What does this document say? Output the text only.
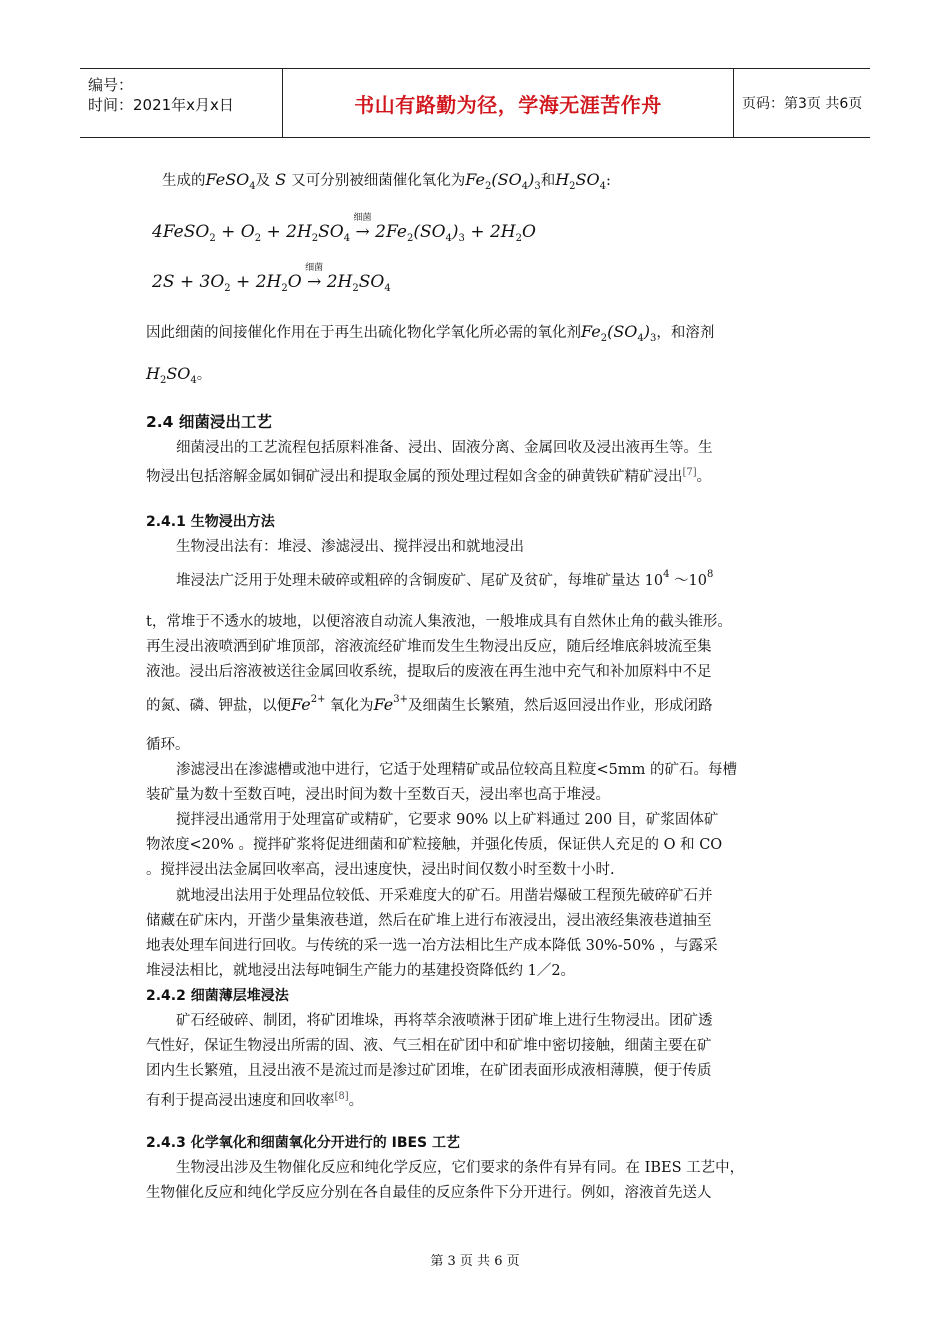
编号：
时间：2021年x月x日	书山有路勤为径，学海无涯苦作舟	页码：第3页 共6页
生成的FeSO$_4$及 S 又可分别被细菌催化氧化为$Fe_2(SO_4)_3$和$H_2SO_4$:
4FeSO$_2$ + $O_2 + 2H_2SO_4$ →
细菌
$2Fe_2(SO_4)_3 + 2H_2O$
$2S + 3O_2 + 2H_2O$ →
细菌
$2H_2SO_4$
因此细菌的间接催化作用在于再生出硫化物化学氧化所必需的氧化剂$Fe_2(SO_4)_3$，和溶剂
$H_2SO_4$。
2.4 细菌浸出工艺
细菌浸出的工艺流程包括原料准备、浸出、固液分离、金属回收及浸出液再生等。生
物浸出包括溶解金属如铜矿浸出和提取金属的预处理过程如含金的砷黄铁矿精矿浸出[7]。
2.4.1 生物浸出方法
生物浸出法有：堆浸、渗滤浸出、搅拌浸出和就地浸出
堆浸法广泛用于处理未破碎或粗碎的含铜废矿、尾矿及贫矿，每堆矿量达 $10^4$ $\sim 10^8$
t，常堆于不透水的坡地，以便溶液自动流人集液池，一般堆成具有自然休止角的截头锥形。
再生浸出液喷洒到矿堆顶部，溶液流经矿堆而发生生物浸出反应，随后经堆底斜坡流至集
液池。浸出后溶液被送往金属回收系统，提取后的废液在再生池中充气和补加原料中不足
的氮、磷、钾盐，以便$Fe^{2+}$ 氧化为$Fe^{3+}$及细菌生长繁殖，然后返回浸出作业，形成闭路
循环。
渗滤浸出在渗滤槽或池中进行，它适于处理精矿或品位较高且粒度<5mm 的矿石。每槽
装矿量为数十至数百吨，浸出时间为数十至数百天，浸出率也高于堆浸。
搅拌浸出通常用于处理富矿或精矿，它要求 90% 以上矿料通过 200 目，矿浆固体矿
物浓度<20% 。搅拌矿浆将促进细菌和矿粒接触，并强化传质，保证供人充足的 O 和 CO
。搅拌浸出法金属回收率高，浸出速度快，浸出时间仅数小时至数十小时.
就地浸出法用于处理品位较低、开采难度大的矿石。用凿岩爆破工程预先破碎矿石并
储藏在矿床内，开凿少量集液巷道，然后在矿堆上进行布液浸出，浸出液经集液巷道抽至
地表处理车间进行回收。与传统的采一选一冶方法相比生产成本降低 30%-50% ，与露采
堆浸法相比，就地浸出法每吨铜生产能力的基建投资降低约 1／2。
2.4.2 细菌薄层堆浸法
矿石经破碎、制团，将矿团堆垛，再将萃余液喷淋于团矿堆上进行生物浸出。团矿透
气性好，保证生物浸出所需的固、液、气三相在矿团中和矿堆中密切接触，细菌主要在矿
团内生长繁殖，且浸出液不是流过而是渗过矿团堆，在矿团表面形成液相薄膜，便于传质
有利于提高浸出速度和回收率[8]。
2.4.3 化学氧化和细菌氧化分开进行的 IBES 工艺
生物浸出涉及生物催化反应和纯化学反应，它们要求的条件有异有同。在 IBES 工艺中，
生物催化反应和纯化学反应分别在各自最佳的反应条件下分开进行。例如，溶液首先送人
第 3 页 共 6 页
